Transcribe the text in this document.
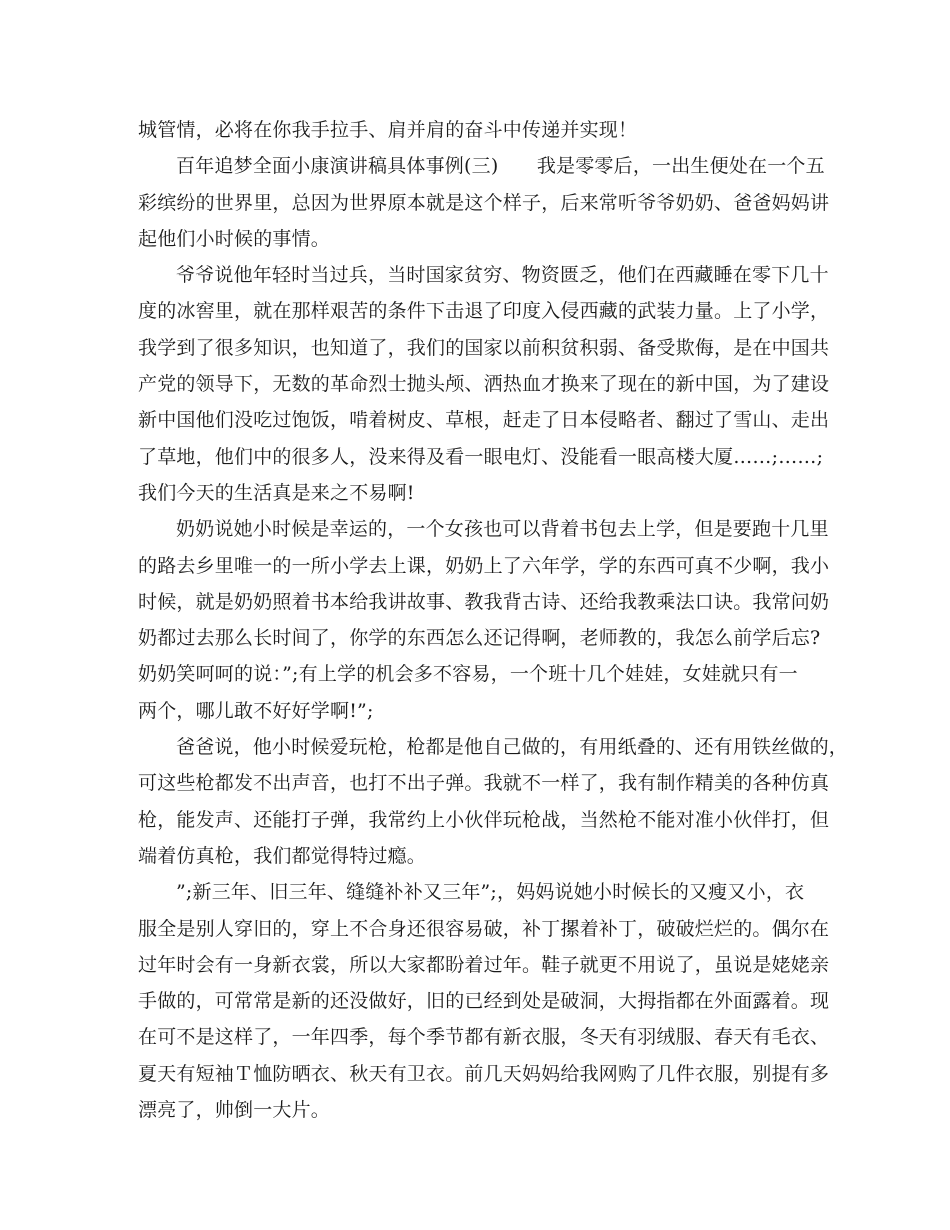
城管情，必将在你我手拉手、肩并肩的奋斗中传递并实现！

百年追梦全面小康演讲稿具体事例(三)　　我是零零后，一出生便处在一个五
彩缤纷的世界里，总因为世界原本就是这个样子，后来常听爷爷奶奶、爸爸妈妈讲
起他们小时候的事情。

爷爷说他年轻时当过兵，当时国家贫穷、物资匮乏，他们在西藏睡在零下几十
度的冰窖里，就在那样艰苦的条件下击退了印度入侵西藏的武装力量。上了小学，
我学到了很多知识，也知道了，我们的国家以前积贫积弱、备受欺侮，是在中国共
产党的领导下，无数的革命烈士抛头颅、洒热血才换来了现在的新中国，为了建设
新中国他们没吃过饱饭，啃着树皮、草根，赶走了日本侵略者、翻过了雪山、走出
了草地，他们中的很多人，没来得及看一眼电灯、没能看一眼高楼大厦……;……;
我们今天的生活真是来之不易啊!

奶奶说她小时候是幸运的，一个女孩也可以背着书包去上学，但是要跑十几里
的路去乡里唯一的一所小学去上课，奶奶上了六年学，学的东西可真不少啊，我小
时候，就是奶奶照着书本给我讲故事、教我背古诗、还给我教乘法口诀。我常问奶
奶都过去那么长时间了，你学的东西怎么还记得啊，老师教的，我怎么前学后忘?
奶奶笑呵呵的说：”;有上学的机会多不容易，一个班十几个娃娃，女娃就只有一
两个，哪儿敢不好好学啊!”;

爸爸说，他小时候爱玩枪，枪都是他自己做的，有用纸叠的、还有用铁丝做的，
可这些枪都发不出声音，也打不出子弹。我就不一样了，我有制作精美的各种仿真
枪，能发声、还能打子弹，我常约上小伙伴玩枪战，当然枪不能对准小伙伴打，但
端着仿真枪，我们都觉得特过瘾。

”;新三年、旧三年、缝缝补补又三年”;，妈妈说她小时候长的又瘦又小，衣
服全是别人穿旧的，穿上不合身还很容易破，补丁摞着补丁，破破烂烂的。偶尔在
过年时会有一身新衣裳，所以大家都盼着过年。鞋子就更不用说了，虽说是姥姥亲
手做的，可常常是新的还没做好，旧的已经到处是破洞，大拇指都在外面露着。现
在可不是这样了，一年四季，每个季节都有新衣服，冬天有羽绒服、春天有毛衣、
夏天有短袖Ｔ恤防晒衣、秋天有卫衣。前几天妈妈给我网购了几件衣服，别提有多
漂亮了，帅倒一大片。
